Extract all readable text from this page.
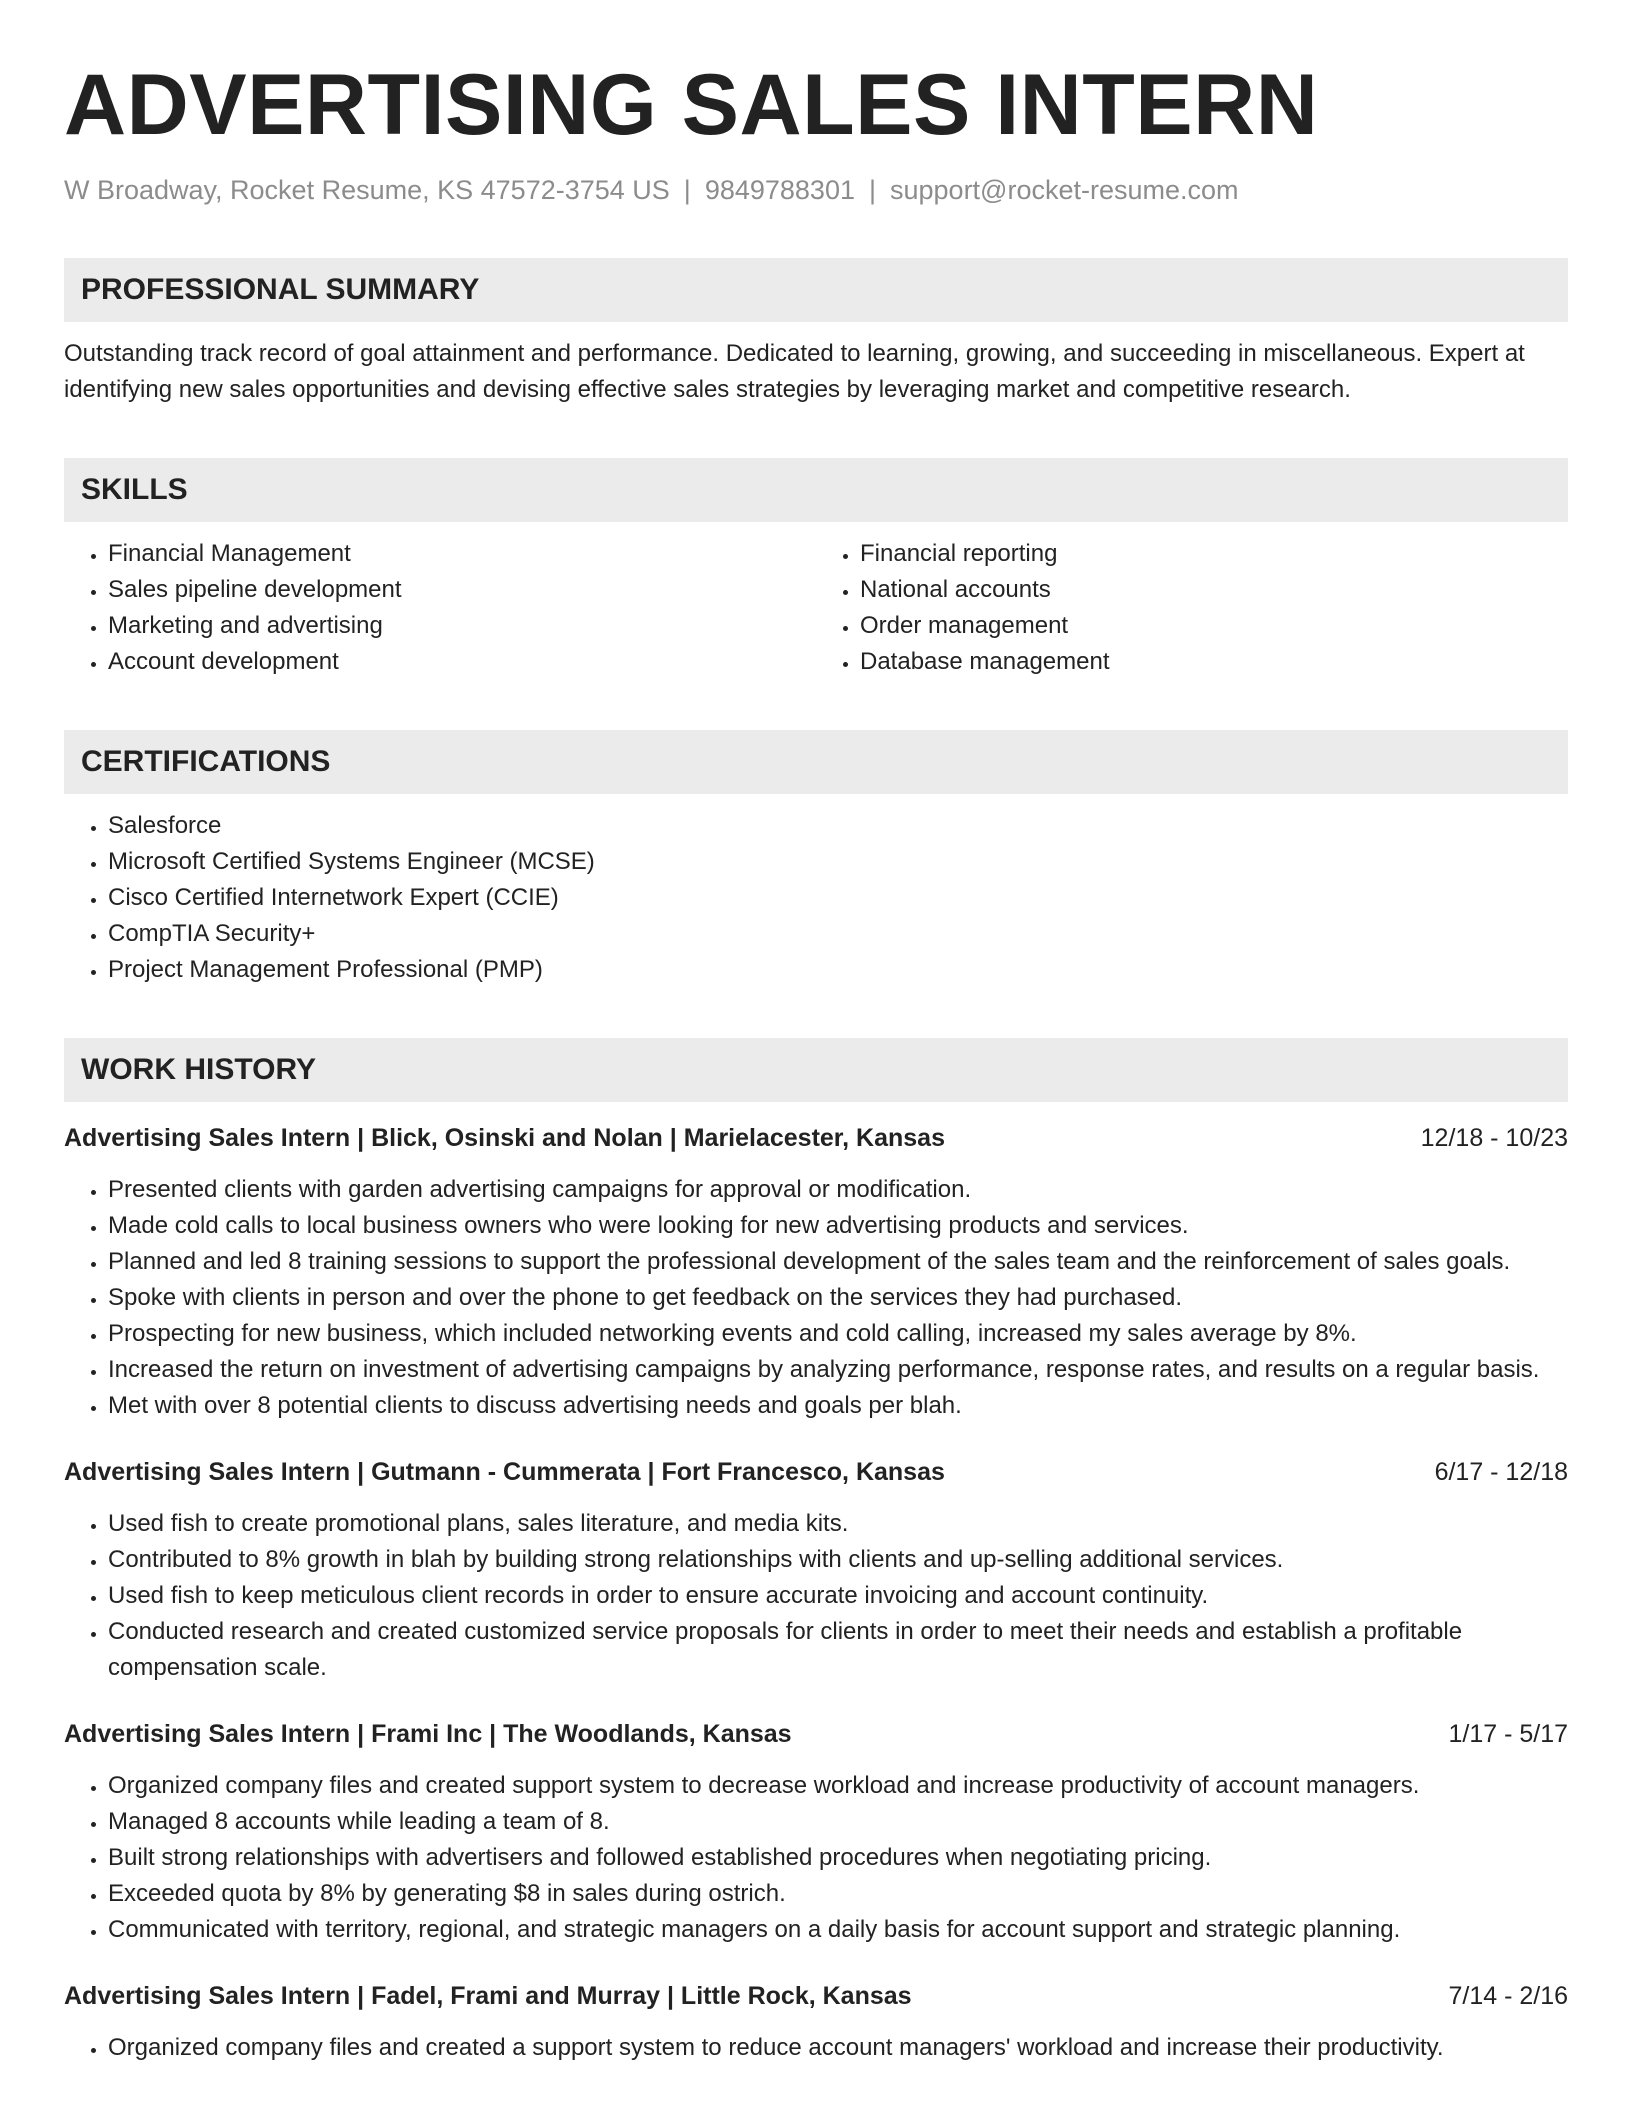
ADVERTISING SALES INTERN
W Broadway, Rocket Resume, KS 47572-3754 US | 9849788301 | support@rocket-resume.com
PROFESSIONAL SUMMARY

Outstanding track record of goal attainment and performance. Dedicated to learning, growing, and succeeding in miscellaneous. Expert at identifying new sales opportunities and devising effective sales strategies by leveraging market and competitive research.

SKILLS
• Financial Management
• Sales pipeline development
• Marketing and advertising
• Account development
• Financial reporting
• National accounts
• Order management
• Database management
CERTIFICATIONS
• Salesforce
• Microsoft Certified Systems Engineer (MCSE)
• Cisco Certified Internetwork Expert (CCIE)
• CompTIA Security+
• Project Management Professional (PMP)
WORK HISTORY
Advertising Sales Intern | Blick, Osinski and Nolan | Marielacester, Kansas	12/18 - 10/23
• Presented clients with garden advertising campaigns for approval or modification.
• Made cold calls to local business owners who were looking for new advertising products and services.
• Planned and led 8 training sessions to support the professional development of the sales team and the reinforcement of sales goals.
• Spoke with clients in person and over the phone to get feedback on the services they had purchased.
• Prospecting for new business, which included networking events and cold calling, increased my sales average by 8%.
• Increased the return on investment of advertising campaigns by analyzing performance, response rates, and results on a regular basis.
• Met with over 8 potential clients to discuss advertising needs and goals per blah.
Advertising Sales Intern | Gutmann - Cummerata | Fort Francesco, Kansas	6/17 - 12/18
• Used fish to create promotional plans, sales literature, and media kits.
• Contributed to 8% growth in blah by building strong relationships with clients and up-selling additional services.
• Used fish to keep meticulous client records in order to ensure accurate invoicing and account continuity.
• Conducted research and created customized service proposals for clients in order to meet their needs and establish a profitable compensation scale.
Advertising Sales Intern | Frami Inc | The Woodlands, Kansas	1/17 - 5/17
• Organized company files and created support system to decrease workload and increase productivity of account managers.
• Managed 8 accounts while leading a team of 8.
• Built strong relationships with advertisers and followed established procedures when negotiating pricing.
• Exceeded quota by 8% by generating $8 in sales during ostrich.
• Communicated with territory, regional, and strategic managers on a daily basis for account support and strategic planning.
Advertising Sales Intern | Fadel, Frami and Murray | Little Rock, Kansas	7/14 - 2/16
• Organized company files and created a support system to reduce account managers' workload and increase their productivity.
